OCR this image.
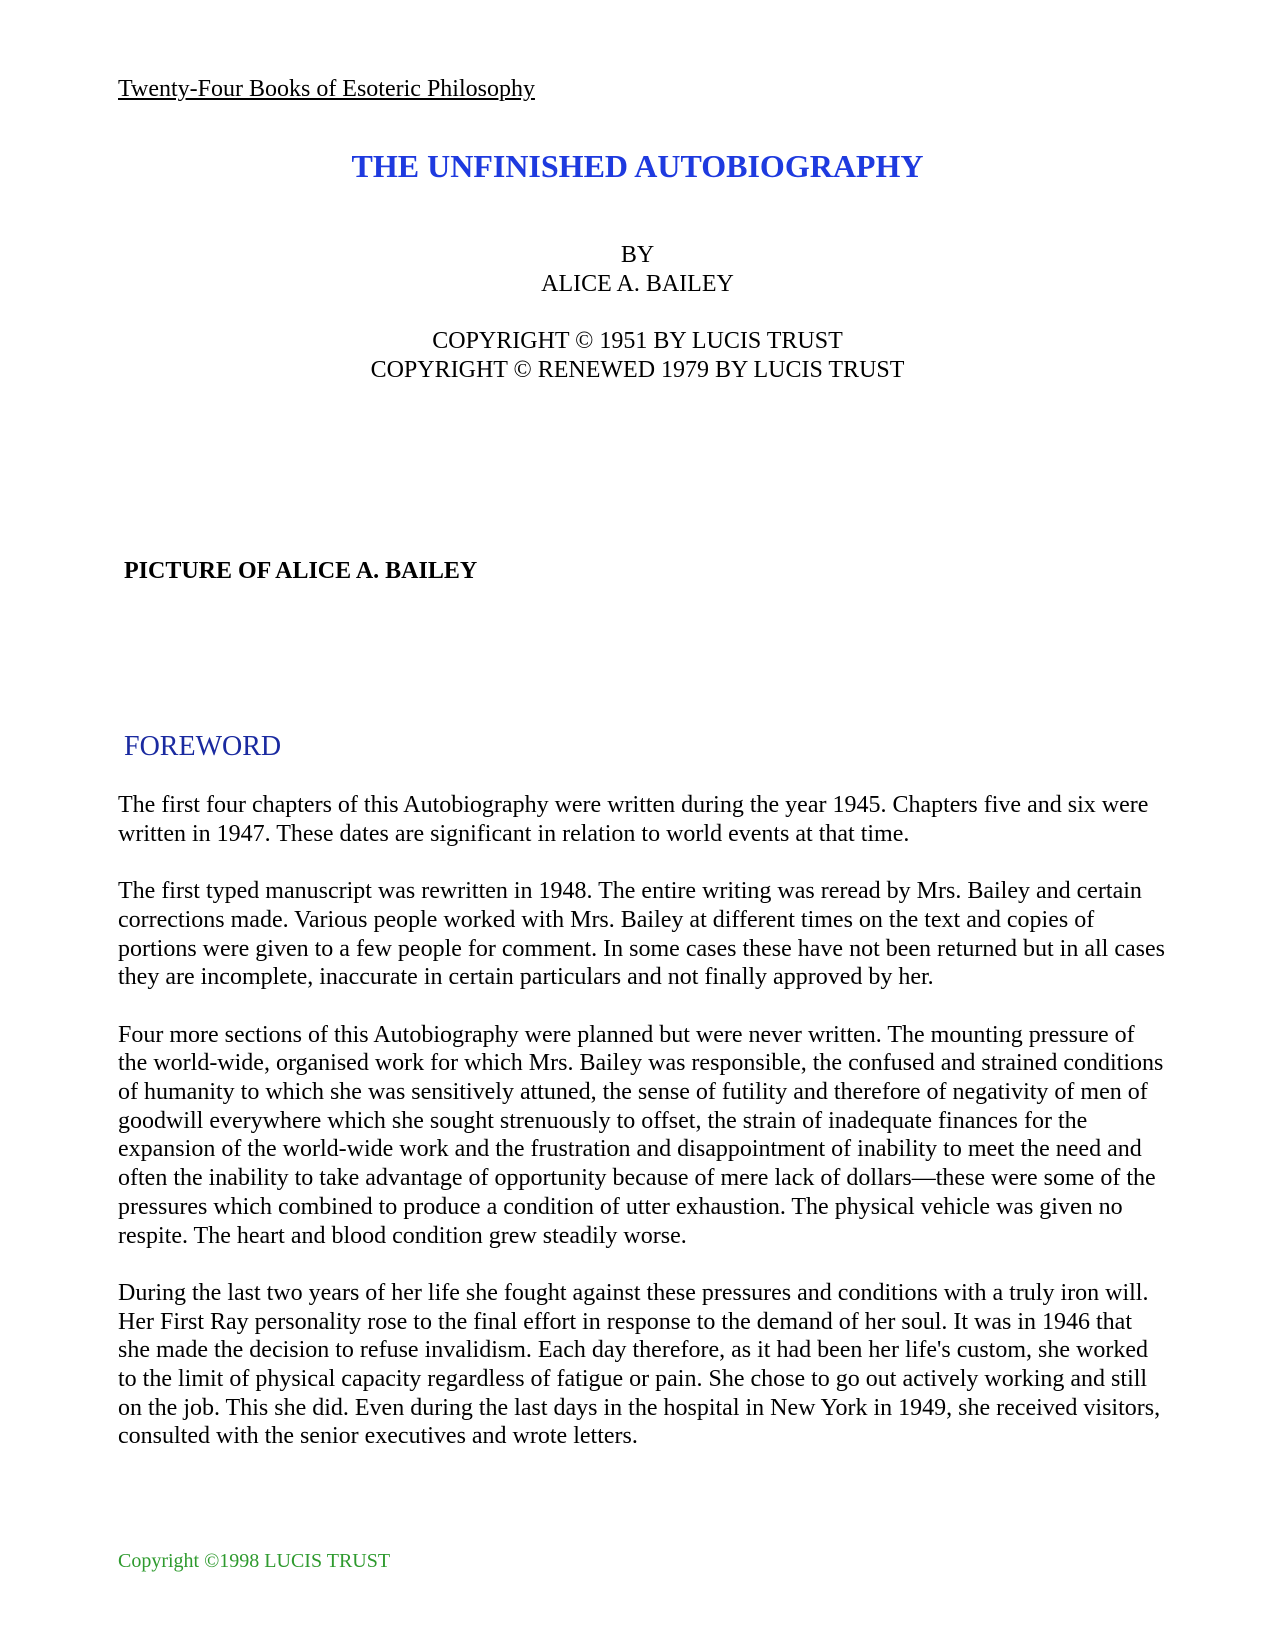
Twenty-Four Books of Esoteric Philosophy
THE UNFINISHED AUTOBIOGRAPHY
BY
ALICE A. BAILEY
COPYRIGHT © 1951 BY LUCIS TRUST
COPYRIGHT © RENEWED 1979 BY LUCIS TRUST
PICTURE OF ALICE A. BAILEY
FOREWORD

The first four chapters of this Autobiography were written during the year 1945. Chapters five and six were written in 1947. These dates are significant in relation to world events at that time.

The first typed manuscript was rewritten in 1948. The entire writing was reread by Mrs. Bailey and certain corrections made. Various people worked with Mrs. Bailey at different times on the text and copies of portions were given to a few people for comment. In some cases these have not been returned but in all cases they are incomplete, inaccurate in certain particulars and not finally approved by her.

Four more sections of this Autobiography were planned but were never written. The mounting pressure of the world-wide, organised work for which Mrs. Bailey was responsible, the confused and strained conditions of humanity to which she was sensitively attuned, the sense of futility and therefore of negativity of men of goodwill everywhere which she sought strenuously to offset, the strain of inadequate finances for the expansion of the world-wide work and the frustration and disappointment of inability to meet the need and often the inability to take advantage of opportunity because of mere lack of dollars—these were some of the pressures which combined to produce a condition of utter exhaustion. The physical vehicle was given no respite. The heart and blood condition grew steadily worse.

During the last two years of her life she fought against these pressures and conditions with a truly iron will. Her First Ray personality rose to the final effort in response to the demand of her soul. It was in 1946 that she made the decision to refuse invalidism. Each day therefore, as it had been her life's custom, she worked to the limit of physical capacity regardless of fatigue or pain. She chose to go out actively working and still on the job. This she did. Even during the last days in the hospital in New York in 1949, she received visitors, consulted with the senior executives and wrote letters.

Copyright ©1998 LUCIS TRUST
